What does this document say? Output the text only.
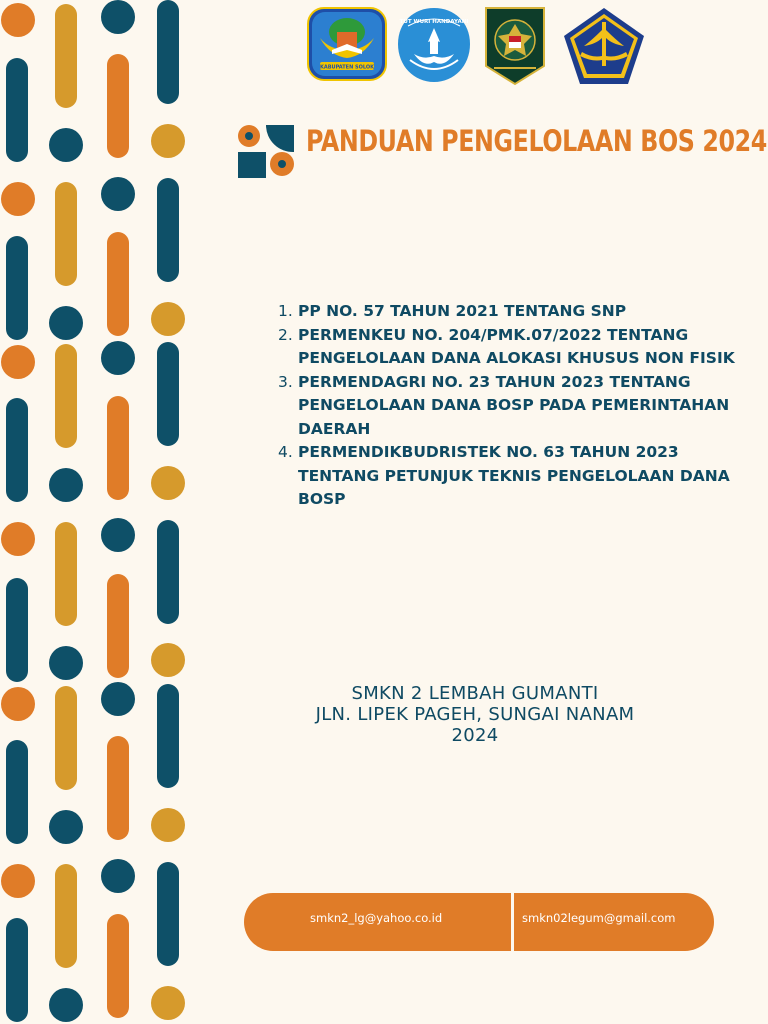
KABUPATEN SOLOK
TUT WURI HANDAYANI
PANDUAN PENGELOLAAN BOS 2024
1. PP NO. 57 TAHUN 2021 TENTANG SNP
2. PERMENKEU NO. 204/PMK.07/2022 TENTANG PENGELOLAAN DANA ALOKASI KHUSUS NON FISIK
3. PERMENDAGRI NO. 23 TAHUN 2023 TENTANG PENGELOLAAN DANA BOSP PADA PEMERINTAHAN DAERAH
4. PERMENDIKBUDRISTEK NO. 63 TAHUN 2023 TENTANG PETUNJUK TEKNIS PENGELOLAAN DANA BOSP
SMKN 2 LEMBAH GUMANTI
JLN. LIPEK PAGEH, SUNGAI NANAM
2024
smkn2_lg@yahoo.co.id	smkn02legum@gmail.com
